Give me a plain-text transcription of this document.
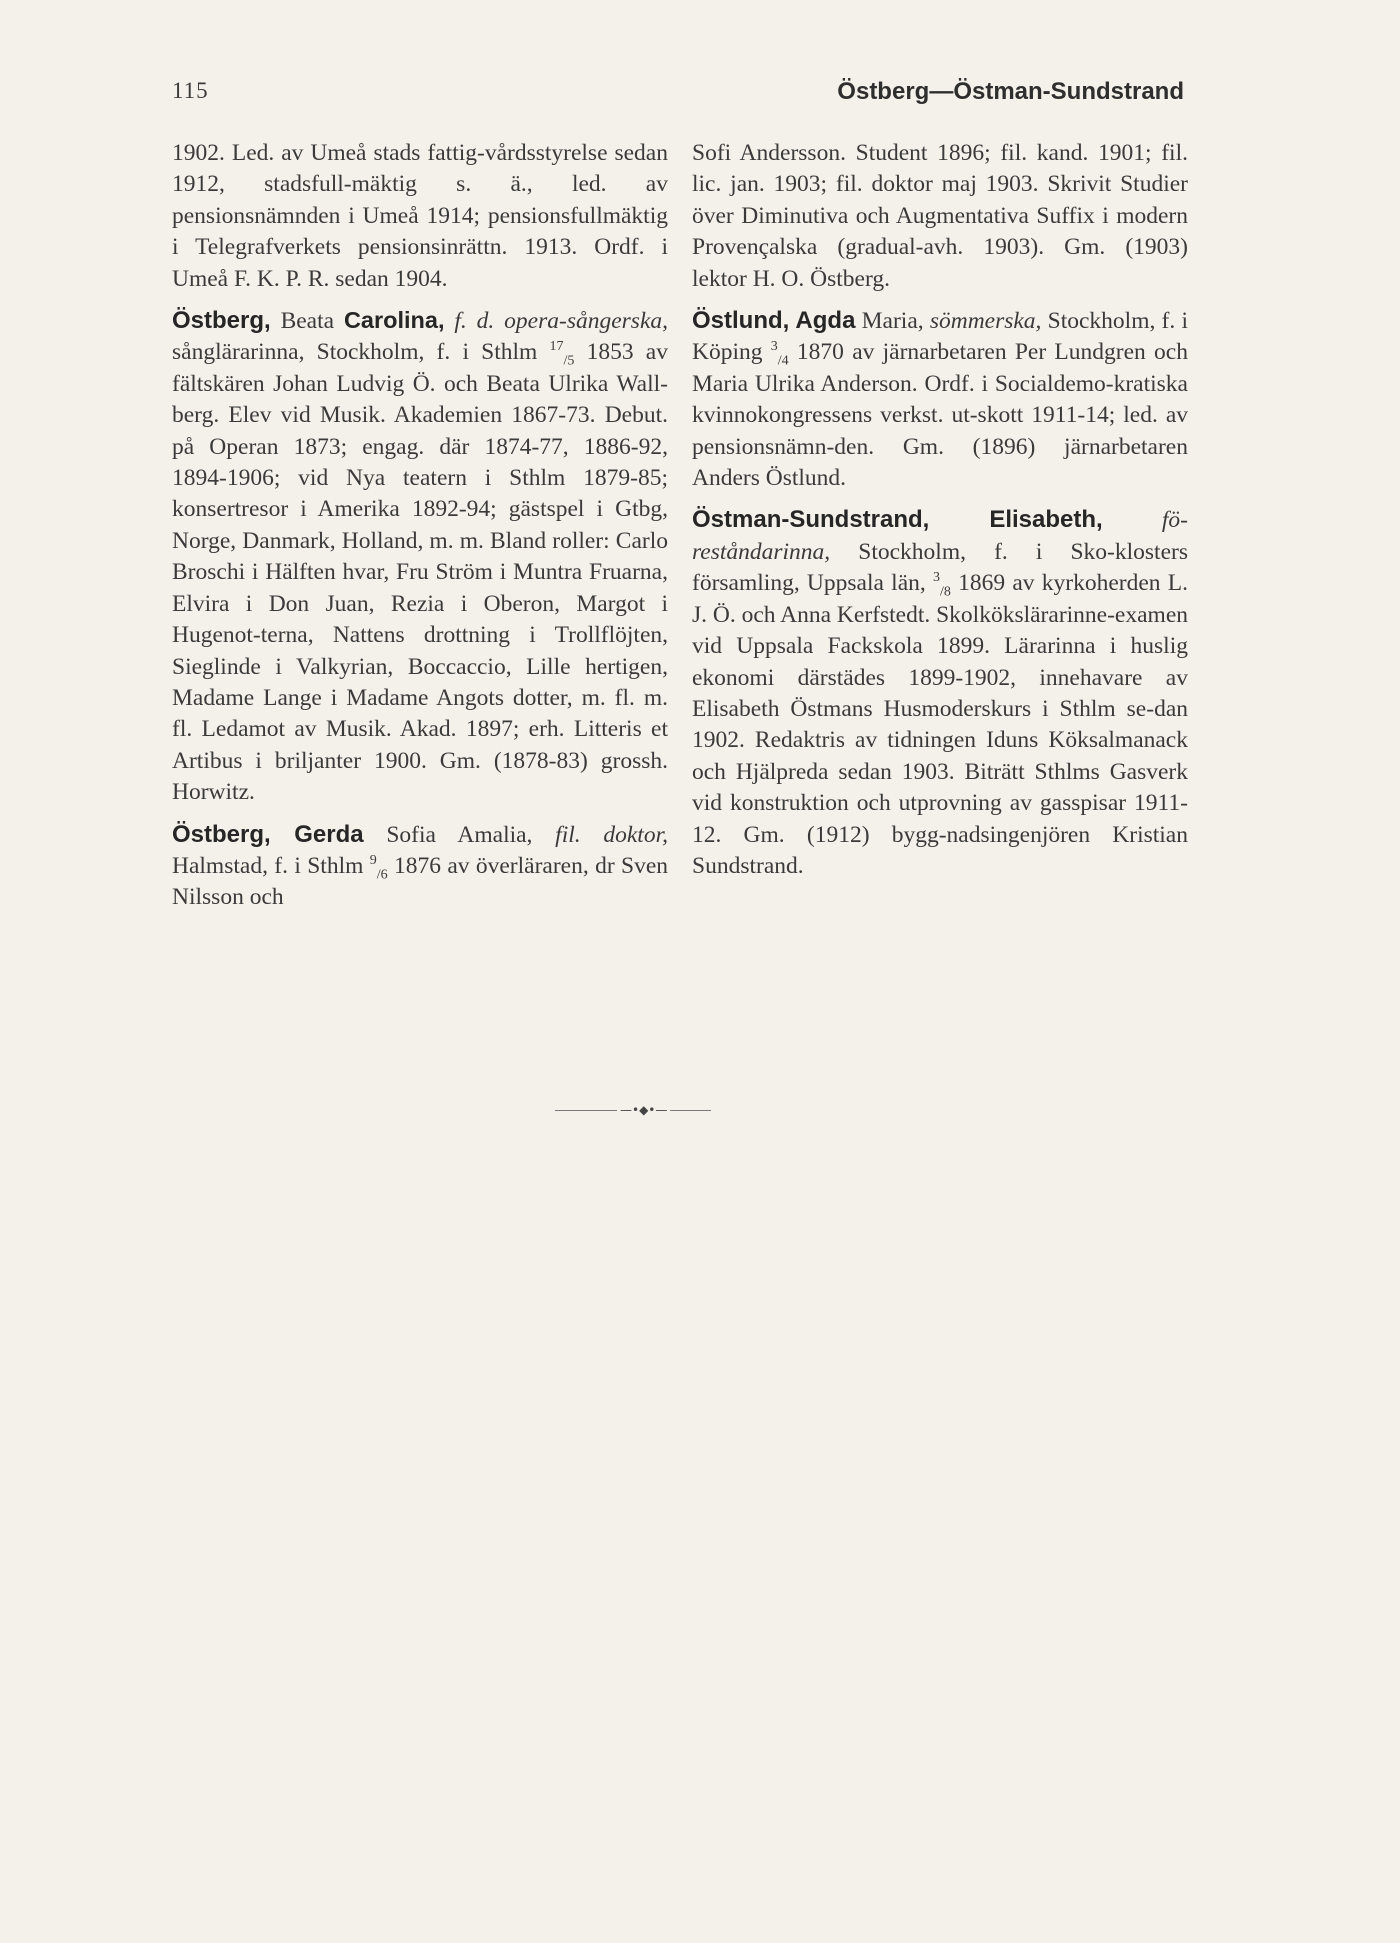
115	Östberg—Östman-Sundstrand

1902. Led. av Umeå stads fattig-vårdsstyrelse sedan 1912, stadsfull-mäktig s. ä., led. av pensionsnämnden i Umeå 1914; pensionsfullmäktig i Telegrafverkets pensionsinrättn. 1913. Ordf. i Umeå F. K. P. R. sedan 1904.

Östberg, Beata Carolina, f. d. opera-sångerska, sånglärarinna, Stockholm, f. i Sthlm $^{17}_{/5}$ 1853 av fältskären Johan Ludvig Ö. och Beata Ulrika Wall-berg. Elev vid Musik. Akademien 1867-73. Debut. på Operan 1873; engag. där 1874-77, 1886-92, 1894-1906; vid Nya teatern i Sthlm 1879-85; konsertresor i Amerika 1892-94; gästspel i Gtbg, Norge, Danmark, Holland, m. m. Bland roller: Carlo Broschi i Hälften hvar, Fru Ström i Muntra Fruarna, Elvira i Don Juan, Rezia i Oberon, Margot i Hugenot-terna, Nattens drottning i Trollflöjten, Sieglinde i Valkyrian, Boccaccio, Lille hertigen, Madame Lange i Madame Angots dotter, m. fl. m. fl. Ledamot av Musik. Akad. 1897; erh. Litteris et Artibus i briljanter 1900. Gm. (1878-83) grossh. Horwitz.

Östberg, Gerda Sofia Amalia, fil. doktor, Halmstad, f. i Sthlm $^9_{/6}$ 1876 av överläraren, dr Sven Nilsson och

Sofi Andersson. Student 1896; fil. kand. 1901; fil. lic. jan. 1903; fil. doktor maj 1903. Skrivit Studier över Diminutiva och Augmentativa Suffix i modern Provençalska (gradual-avh. 1903). Gm. (1903) lektor H. O. Östberg.

Östlund, Agda Maria, sömmerska, Stockholm, f. i Köping $^3_{/4}$ 1870 av järnarbetaren Per Lundgren och Maria Ulrika Anderson. Ordf. i Socialdemo-kratiska kvinnokongressens verkst. ut-skott 1911-14; led. av pensionsnämn-den. Gm. (1896) järnarbetaren Anders Östlund.

Östman-Sundstrand, Elisabeth, fö-reståndarinna, Stockholm, f. i Sko-klosters församling, Uppsala län, $^3_{/8}$ 1869 av kyrkoherden L. J. Ö. och Anna Kerfstedt. Skolkökslärarinne-examen vid Uppsala Fackskola 1899. Lärarinna i huslig ekonomi därstädes 1899-1902, innehavare av Elisabeth Östmans Husmoderskurs i Sthlm se-dan 1902. Redaktris av tidningen Iduns Köksalmanack och Hjälpreda sedan 1903. Biträtt Sthlms Gasverk vid konstruktion och utprovning av gasspisar 1911-12. Gm. (1912) bygg-nadsingenjören Kristian Sundstrand.

—•◆•—
